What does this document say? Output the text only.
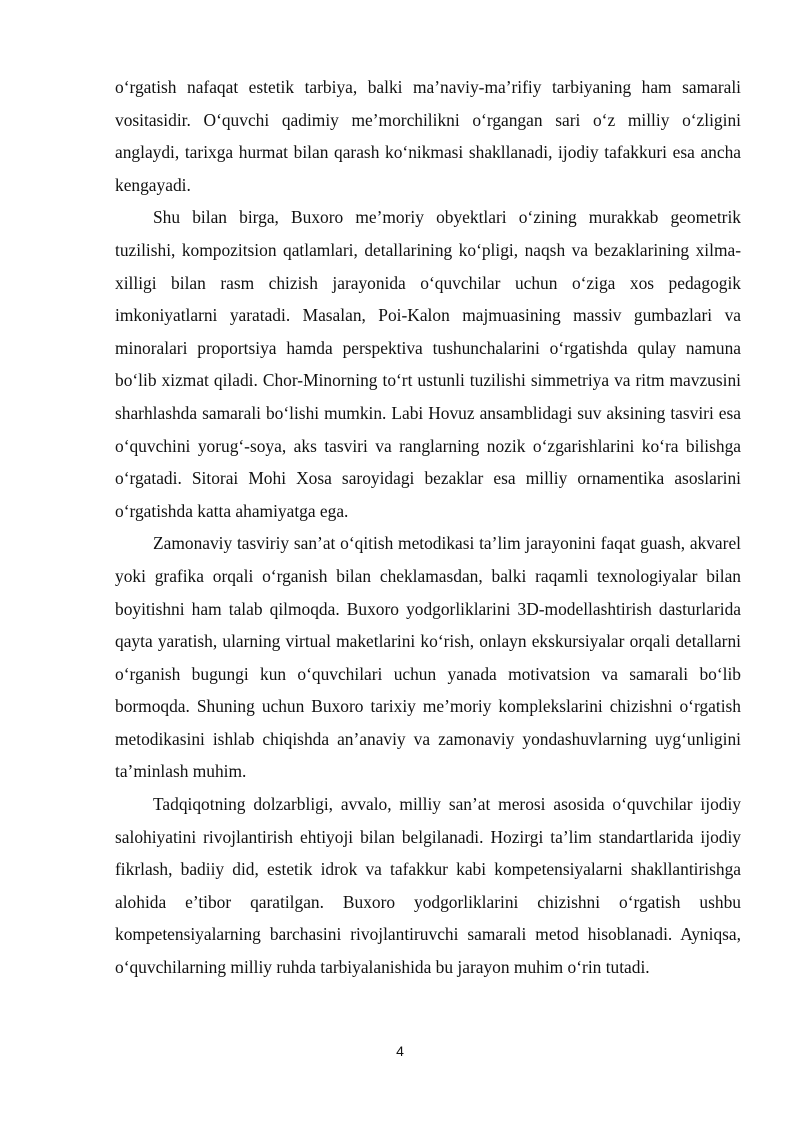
o‘rgatish nafaqat estetik tarbiya, balki ma’naviy-ma’rifiy tarbiyaning ham samarali vositasidir. O‘quvchi qadimiy me’morchilikni o‘rgangan sari o‘z milliy o‘zligini anglaydi, tarixga hurmat bilan qarash ko‘nikmasi shakllanadi, ijodiy tafakkuri esa ancha kengayadi.

Shu bilan birga, Buxoro me’moriy obyektlari o‘zining murakkab geometrik tuzilishi, kompozitsion qatlamlari, detallarining ko‘pligi, naqsh va bezaklarining xilma-xilligi bilan rasm chizish jarayonida o‘quvchilar uchun o‘ziga xos pedagogik imkoniyatlarni yaratadi. Masalan, Poi-Kalon majmuasining massiv gumbazlari va minoralari proportsiya hamda perspektiva tushunchalarini o‘rgatishda qulay namuna bo‘lib xizmat qiladi. Chor-Minorning to‘rt ustunli tuzilishi simmetriya va ritm mavzusini sharhlashda samarali bo‘lishi mumkin. Labi Hovuz ansamblidagi suv aksining tasviri esa o‘quvchini yorug‘-soya, aks tasviri va ranglarning nozik o‘zgarishlarini ko‘ra bilishga o‘rgatadi. Sitorai Mohi Xosa saroyidagi bezaklar esa milliy ornamentika asoslarini o‘rgatishda katta ahamiyatga ega.

Zamonaviy tasviriy san’at o‘qitish metodikasi ta’lim jarayonini faqat guash, akvarel yoki grafika orqali o‘rganish bilan cheklamasdan, balki raqamli texnologiyalar bilan boyitishni ham talab qilmoqda. Buxoro yodgorliklarini 3D-modellashtirish dasturlarida qayta yaratish, ularning virtual maketlarini ko‘rish, onlayn ekskursiyalar orqali detallarni o‘rganish bugungi kun o‘quvchilari uchun yanada motivatsion va samarali bo‘lib bormoqda. Shuning uchun Buxoro tarixiy me’moriy komplekslarini chizishni o‘rgatish metodikasini ishlab chiqishda an’anaviy va zamonaviy yondashuvlarning uyg‘unligini ta’minlash muhim.

Tadqiqotning dolzarbligi, avvalo, milliy san’at merosi asosida o‘quvchilar ijodiy salohiyatini rivojlantirish ehtiyoji bilan belgilanadi. Hozirgi ta’lim standartlarida ijodiy fikrlash, badiiy did, estetik idrok va tafakkur kabi kompetensiyalarni shakllantirishga alohida e’tibor qaratilgan. Buxoro yodgorliklarini chizishni o‘rgatish ushbu kompetensiyalarning barchasini rivojlantiruvchi samarali metod hisoblanadi. Ayniqsa, o‘quvchilarning milliy ruhda tarbiyalanishida bu jarayon muhim o‘rin tutadi.

4
